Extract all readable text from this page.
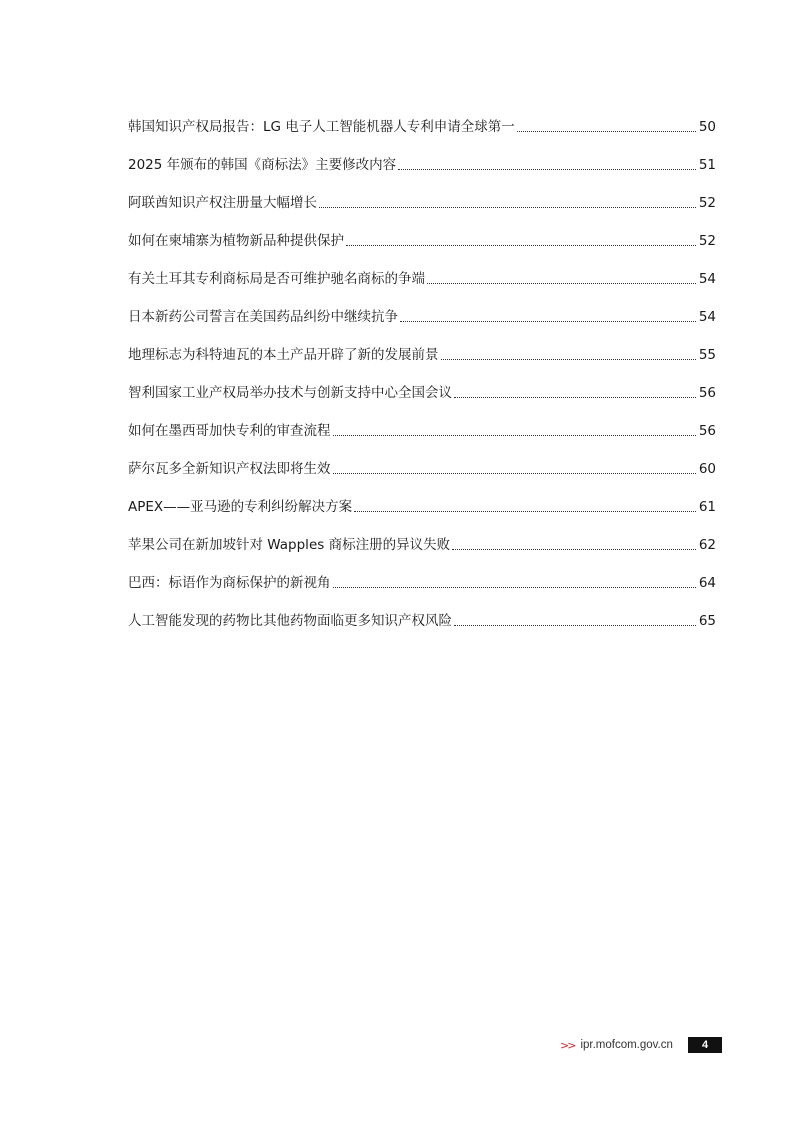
韩国知识产权局报告：LG 电子人工智能机器人专利申请全球第一	50
2025 年颁布的韩国《商标法》主要修改内容	51
阿联酋知识产权注册量大幅增长	52
如何在柬埔寨为植物新品种提供保护	52
有关土耳其专利商标局是否可维护驰名商标的争端	54
日本新药公司誓言在美国药品纠纷中继续抗争	54
地理标志为科特迪瓦的本土产品开辟了新的发展前景	55
智利国家工业产权局举办技术与创新支持中心全国会议	56
如何在墨西哥加快专利的审查流程	56
萨尔瓦多全新知识产权法即将生效	60
APEX——亚马逊的专利纠纷解决方案	61
苹果公司在新加坡针对 Wapples 商标注册的异议失败	62
巴西：标语作为商标保护的新视角	64
人工智能发现的药物比其他药物面临更多知识产权风险	65
>> ipr.mofcom.gov.cn	4
